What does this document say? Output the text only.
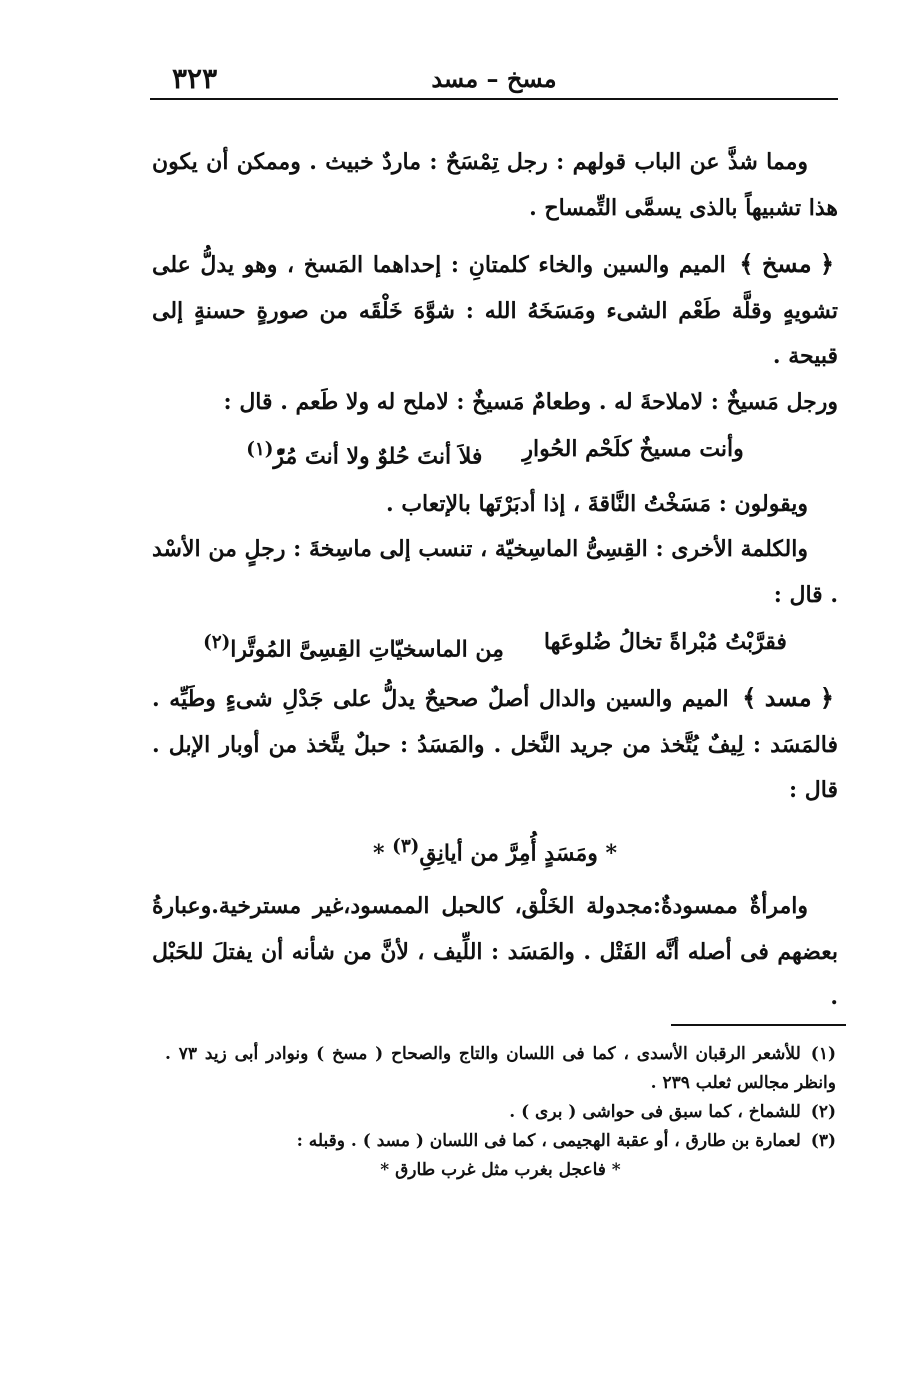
مسخ – مسد
٣٢٣

ومما شذَّ عن الباب قولهم : رجل تِمْسَحٌ : ماردٌ خبيث . وممكن أن يكون هذا تشبيهاً بالذى يسمَّى التِّمساح .

﴿ مسخ ﴾ الميم والسين والخاء كلمتانِ : إحداهما المَسخ ، وهو يدلُّ على تشويهٍ وقلَّة طَعْم الشىء ومَسَخَهُ الله : شوَّهَ خَلْقَه من صورةٍ حسنةٍ إلى قبيحة .

ورجل مَسيخٌ : لاملاحةَ له . وطعامٌ مَسيخٌ : لاملح له ولا طَعم . قال :

وأنت مسيخٌ كلَحْم الحُوارِ
فلاَ أنتَ حُلوٌ ولا أنتَ مُرّْ$^{(١)}$

ويقولون : مَسَخْتُ النَّاقةَ ، إذا أدبَرْتَها بالإتعاب .

والكلمة الأخرى : القِسِىُّ الماسِخيّة ، تنسب إلى ماسِخةَ : رجلٍ من الأسْد . قال :

فقرَّبْتُ مُبْراةً تخالُ ضُلوعَها
مِن الماسخيّاتِ القِسِىَّ المُوتَّرا$^{(٢)}$

﴿ مسد ﴾ الميم والسين والدال أصلٌ صحيحٌ يدلُّ على جَدْلِ شىءٍ وطَيِّه . فالمَسَد : لِيفٌ يُتَّخذ من جريد النَّخل . والمَسَدُ : حبلٌ يتَّخذ من أوبار الإبل . قال :

* ومَسَدٍ أُمِرَّ من أيانِقِ$^{(٣)}$ *

وامرأةٌ ممسودةٌ:مجدولة الخَلْق، كالحبل الممسود،غير مسترخية.وعبارةُ بعضهم فى أصله أنَّه الفَتْل . والمَسَد : اللِّيف ، لأنَّ من شأنه أن يفتلَ للحَبْل .

(١)للأشعر الرقبان الأسدى ، كما فى اللسان والتاج والصحاح ( مسخ ) ونوادر أبى زيد ٧٣ . وانظر مجالس ثعلب ٢٣٩ .

(٢)للشماخ ، كما سبق فى حواشى ( برى ) .

(٣)لعمارة بن طارق ، أو عقبة الهجيمى ، كما فى اللسان ( مسد ) . وقبله :

* فاعجل بغرب مثل غرب طارق *
